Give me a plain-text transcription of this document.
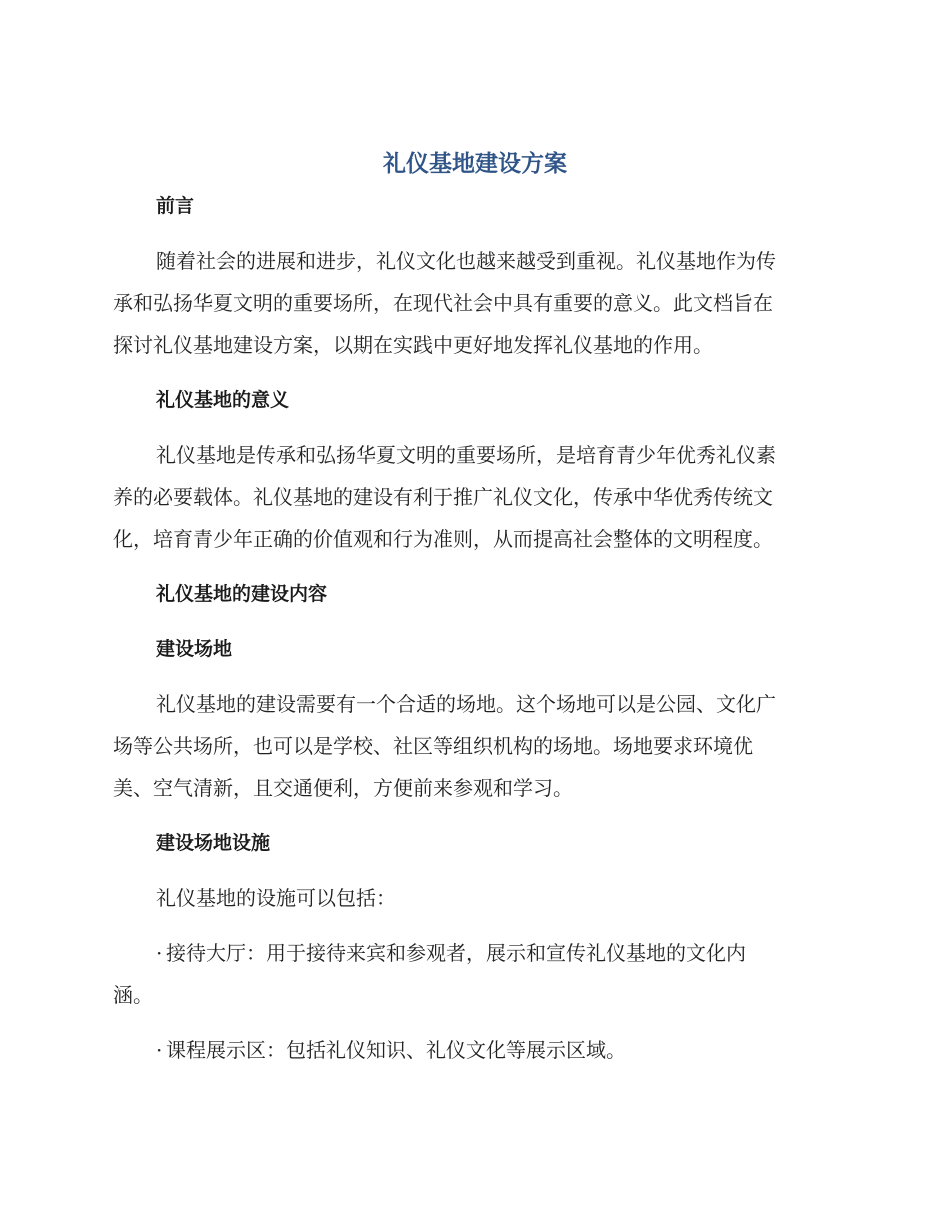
礼仪基地建设方案
前言
随着社会的进展和进步，礼仪文化也越来越受到重视。礼仪基地作为传
承和弘扬华夏文明的重要场所，在现代社会中具有重要的意义。此文档旨在
探讨礼仪基地建设方案，以期在实践中更好地发挥礼仪基地的作用。
礼仪基地的意义
礼仪基地是传承和弘扬华夏文明的重要场所，是培育青少年优秀礼仪素
养的必要载体。礼仪基地的建设有利于推广礼仪文化，传承中华优秀传统文
化，培育青少年正确的价值观和行为准则，从而提高社会整体的文明程度。
礼仪基地的建设内容
建设场地
礼仪基地的建设需要有一个合适的场地。这个场地可以是公园、文化广
场等公共场所，也可以是学校、社区等组织机构的场地。场地要求环境优
美、空气清新，且交通便利，方便前来参观和学习。
建设场地设施
礼仪基地的设施可以包括：
· 接待大厅：用于接待来宾和参观者，展示和宣传礼仪基地的文化内
涵。
· 课程展示区：包括礼仪知识、礼仪文化等展示区域。
